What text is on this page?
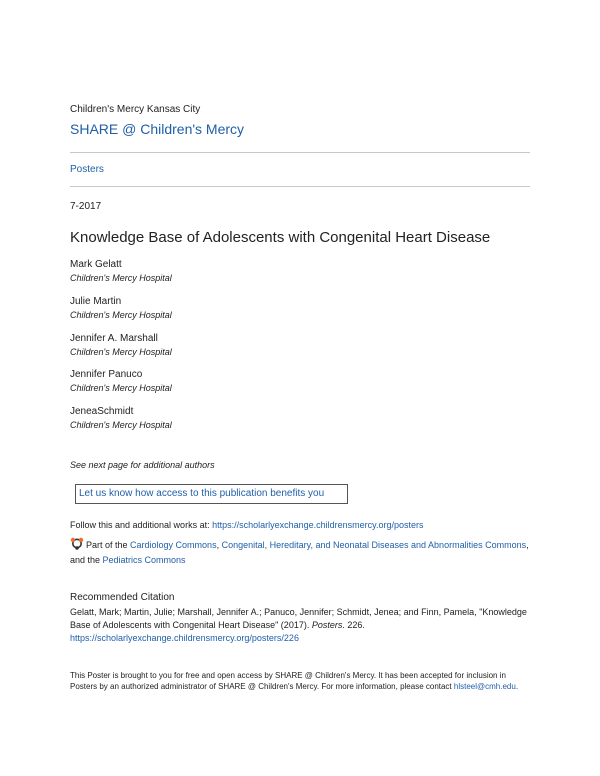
Children's Mercy Kansas City
SHARE @ Children's Mercy
Posters
7-2017
Knowledge Base of Adolescents with Congenital Heart Disease
Mark Gelatt
Children's Mercy Hospital
Julie Martin
Children's Mercy Hospital
Jennifer A. Marshall
Children's Mercy Hospital
Jennifer Panuco
Children's Mercy Hospital
JeneaSchmidt
Children's Mercy Hospital
See next page for additional authors
Let us know how access to this publication benefits you
Follow this and additional works at: https://scholarlyexchange.childrensmercy.org/posters
Part of the Cardiology Commons, Congenital, Hereditary, and Neonatal Diseases and Abnormalities Commons, and the Pediatrics Commons
Recommended Citation
Gelatt, Mark; Martin, Julie; Marshall, Jennifer A.; Panuco, Jennifer; Schmidt, Jenea; and Finn, Pamela, "Knowledge Base of Adolescents with Congenital Heart Disease" (2017). Posters. 226.
https://scholarlyexchange.childrensmercy.org/posters/226
This Poster is brought to you for free and open access by SHARE @ Children's Mercy. It has been accepted for inclusion in Posters by an authorized administrator of SHARE @ Children's Mercy. For more information, please contact hlsteel@cmh.edu.
